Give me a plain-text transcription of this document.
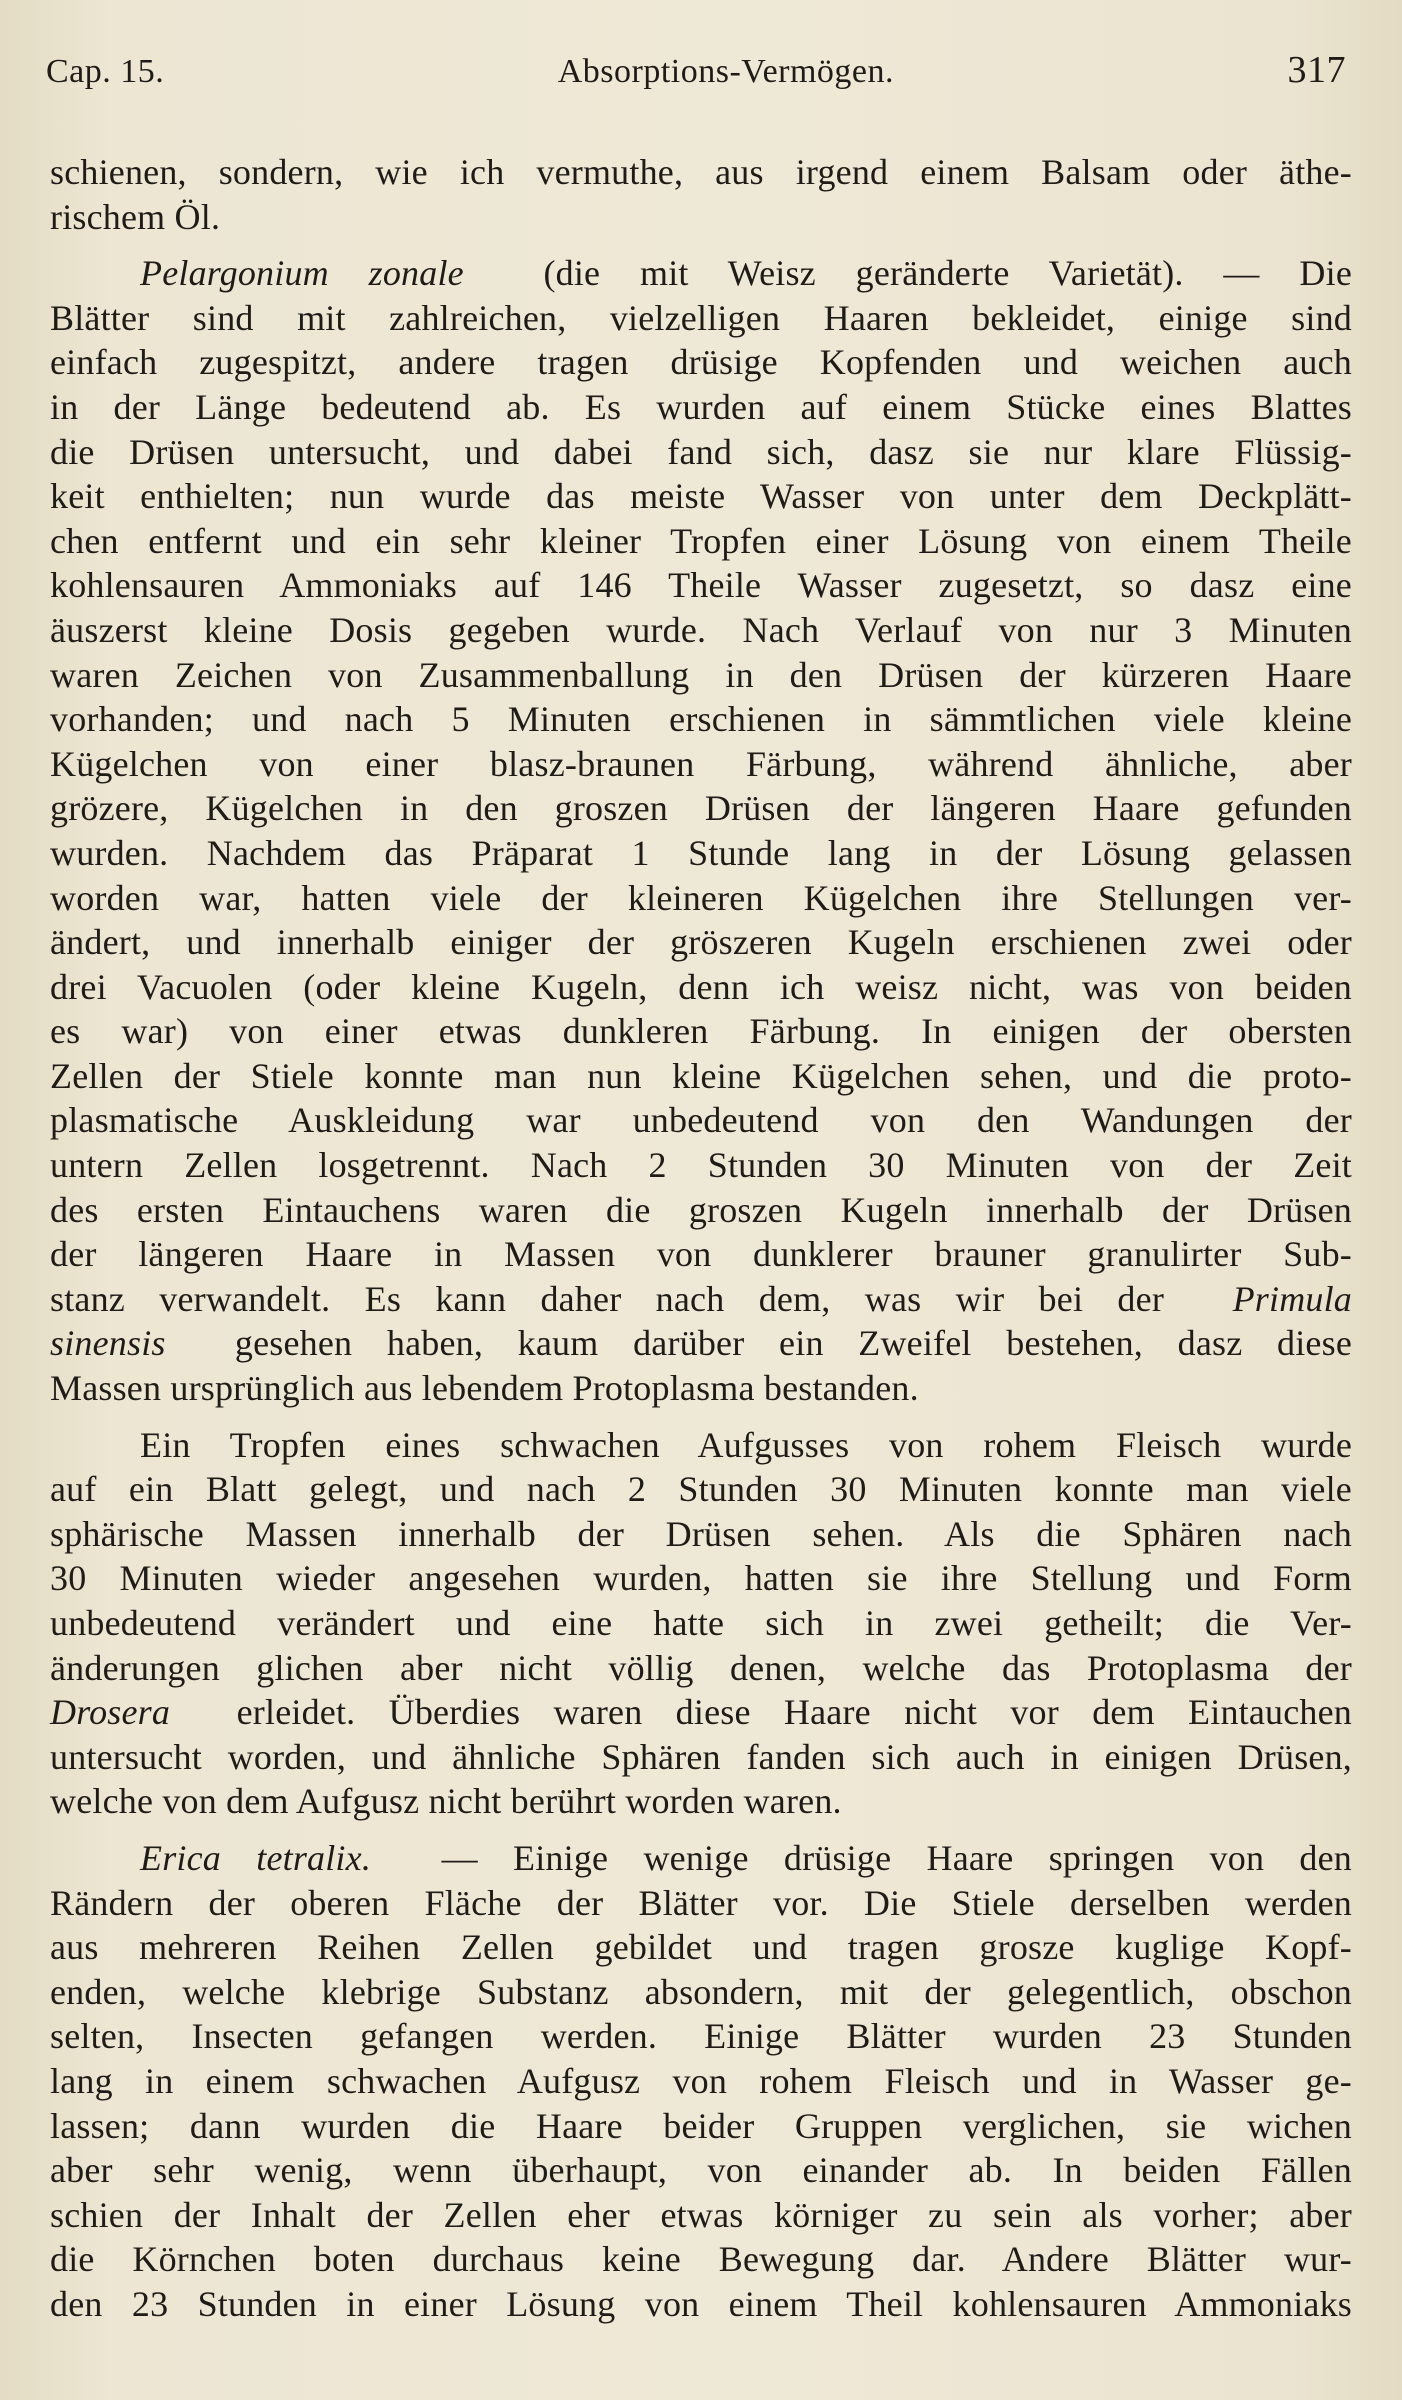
Cap. 15.	Absorptions-Vermögen.	317
schienen, sondern, wie ich vermuthe, aus irgend einem Balsam oder äthe-
rischem Öl.
Pelargonium zonale (die mit Weisz geränderte Varietät). — Die
Blätter sind mit zahlreichen, vielzelligen Haaren bekleidet, einige sind
einfach zugespitzt, andere tragen drüsige Kopfenden und weichen auch
in der Länge bedeutend ab. Es wurden auf einem Stücke eines Blattes
die Drüsen untersucht, und dabei fand sich, dasz sie nur klare Flüssig-
keit enthielten; nun wurde das meiste Wasser von unter dem Deckplätt-
chen entfernt und ein sehr kleiner Tropfen einer Lösung von einem Theile
kohlensauren Ammoniaks auf 146 Theile Wasser zugesetzt, so dasz eine
äuszerst kleine Dosis gegeben wurde. Nach Verlauf von nur 3 Minuten
waren Zeichen von Zusammenballung in den Drüsen der kürzeren Haare
vorhanden; und nach 5 Minuten erschienen in sämmtlichen viele kleine
Kügelchen von einer blasz-braunen Färbung, während ähnliche, aber
grözere, Kügelchen in den groszen Drüsen der längeren Haare gefunden
wurden. Nachdem das Präparat 1 Stunde lang in der Lösung gelassen
worden war, hatten viele der kleineren Kügelchen ihre Stellungen ver-
ändert, und innerhalb einiger der gröszeren Kugeln erschienen zwei oder
drei Vacuolen (oder kleine Kugeln, denn ich weisz nicht, was von beiden
es war) von einer etwas dunkleren Färbung. In einigen der obersten
Zellen der Stiele konnte man nun kleine Kügelchen sehen, und die proto-
plasmatische Auskleidung war unbedeutend von den Wandungen der
untern Zellen losgetrennt. Nach 2 Stunden 30 Minuten von der Zeit
des ersten Eintauchens waren die groszen Kugeln innerhalb der Drüsen
der längeren Haare in Massen von dunklerer brauner granulirter Sub-
stanz verwandelt. Es kann daher nach dem, was wir bei der Primula
sinensis gesehen haben, kaum darüber ein Zweifel bestehen, dasz diese
Massen ursprünglich aus lebendem Protoplasma bestanden.
Ein Tropfen eines schwachen Aufgusses von rohem Fleisch wurde
auf ein Blatt gelegt, und nach 2 Stunden 30 Minuten konnte man viele
sphärische Massen innerhalb der Drüsen sehen. Als die Sphären nach
30 Minuten wieder angesehen wurden, hatten sie ihre Stellung und Form
unbedeutend verändert und eine hatte sich in zwei getheilt; die Ver-
änderungen glichen aber nicht völlig denen, welche das Protoplasma der
Drosera erleidet. Überdies waren diese Haare nicht vor dem Eintauchen
untersucht worden, und ähnliche Sphären fanden sich auch in einigen Drüsen,
welche von dem Aufgusz nicht berührt worden waren.
Erica tetralix. — Einige wenige drüsige Haare springen von den
Rändern der oberen Fläche der Blätter vor. Die Stiele derselben werden
aus mehreren Reihen Zellen gebildet und tragen grosze kuglige Kopf-
enden, welche klebrige Substanz absondern, mit der gelegentlich, obschon
selten, Insecten gefangen werden. Einige Blätter wurden 23 Stunden
lang in einem schwachen Aufgusz von rohem Fleisch und in Wasser ge-
lassen; dann wurden die Haare beider Gruppen verglichen, sie wichen
aber sehr wenig, wenn überhaupt, von einander ab. In beiden Fällen
schien der Inhalt der Zellen eher etwas körniger zu sein als vorher; aber
die Körnchen boten durchaus keine Bewegung dar. Andere Blätter wur-
den 23 Stunden in einer Lösung von einem Theil kohlensauren Ammoniaks
